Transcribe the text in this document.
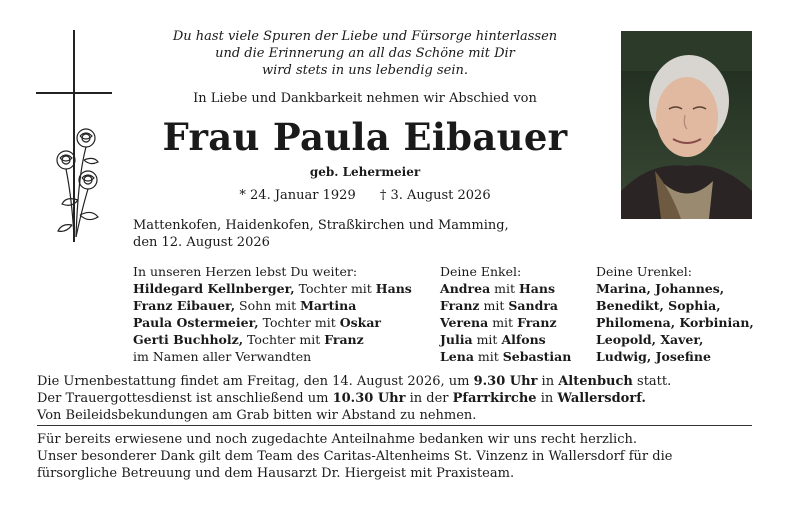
Du hast viele Spuren der Liebe und Fürsorge hinterlassen
und die Erinnerung an all das Schöne mit Dir
wird stets in uns lebendig sein.
In Liebe und Dankbarkeit nehmen wir Abschied von
Frau Paula Eibauer
geb. Lehermeier
* 24. Januar 1929 † 3. August 2026
Mattenkofen, Haidenkofen, Straßkirchen und Mamming,
den 12. August 2026
In unseren Herzen lebst Du weiter:
Hildegard Kellnberger, Tochter mit Hans
Franz Eibauer, Sohn mit Martina
Paula Ostermeier, Tochter mit Oskar
Gerti Buchholz, Tochter mit Franz
im Namen aller Verwandten
Deine Enkel:
Andrea mit Hans
Franz mit Sandra
Verena mit Franz
Julia mit Alfons
Lena mit Sebastian
Deine Urenkel:
Marina, Johannes,
Benedikt, Sophia,
Philomena, Korbinian,
Leopold, Xaver,
Ludwig, Josefine
Die Urnenbestattung findet am Freitag, den 14. August 2026, um 9.30 Uhr in Altenbuch statt.
Der Trauergottesdienst ist anschließend um 10.30 Uhr in der Pfarrkirche in Wallersdorf.
Von Beileidsbekundungen am Grab bitten wir Abstand zu nehmen.
Für bereits erwiesene und noch zugedachte Anteilnahme bedanken wir uns recht herzlich.
Unser besonderer Dank gilt dem Team des Caritas-Altenheims St. Vinzenz in Wallersdorf für die
fürsorgliche Betreuung und dem Hausarzt Dr. Hiergeist mit Praxisteam.
